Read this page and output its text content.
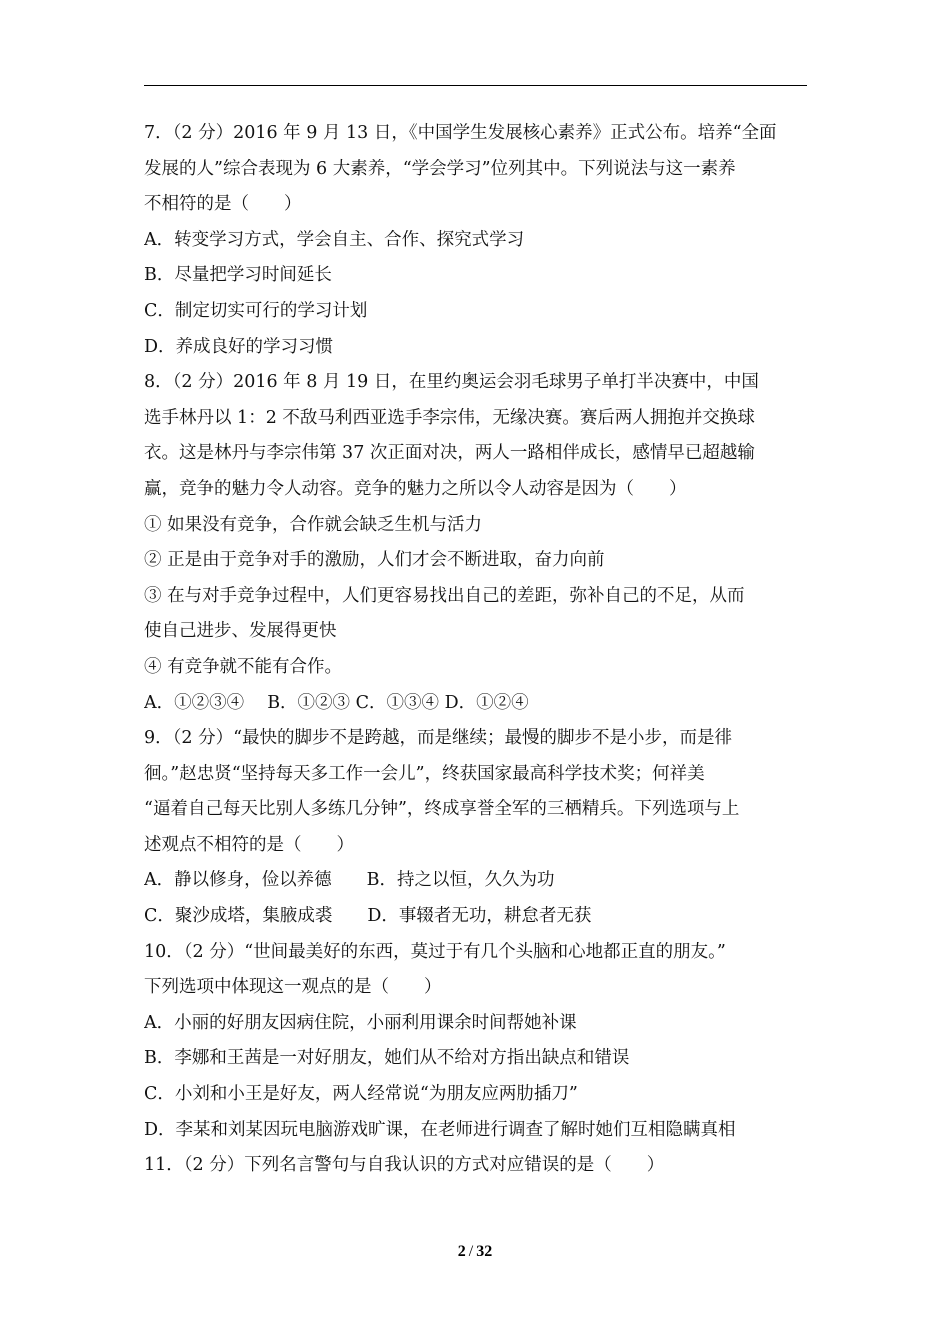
7．（2 分）2016 年 9 月 13 日，《中国学生发展核心素养》正式公布。培养“全面
发展的人”综合表现为 6 大素养，“学会学习”位列其中。下列说法与这一素养
不相符的是（　　）
A．转变学习方式，学会自主、合作、探究式学习
B．尽量把学习时间延长
C．制定切实可行的学习计划
D．养成良好的学习习惯
8．（2 分）2016 年 8 月 19 日，在里约奥运会羽毛球男子单打半决赛中，中国
选手林丹以 1：2 不敌马利西亚选手李宗伟，无缘决赛。赛后两人拥抱并交换球
衣。这是林丹与李宗伟第 37 次正面对决，两人一路相伴成长，感情早已超越输
赢，竞争的魅力令人动容。竞争的魅力之所以令人动容是因为（　　）
① 如果没有竞争，合作就会缺乏生机与活力
② 正是由于竞争对手的激励，人们才会不断进取，奋力向前
③ 在与对手竞争过程中，人们更容易找出自己的差距，弥补自己的不足，从而
使自己进步、发展得更快
④ 有竞争就不能有合作。
A．①②③④　 B．①②③ C．①③④ D．①②④
9．（2 分）“最快的脚步不是跨越，而是继续；最慢的脚步不是小步，而是徘
徊。”赵忠贤“坚持每天多工作一会儿”，终获国家最高科学技术奖；何祥美
“逼着自己每天比别人多练几分钟”，终成享誉全军的三栖精兵。下列选项与上
述观点不相符的是（　　）
A．静以修身，俭以养德　　B．持之以恒，久久为功
C．聚沙成塔，集腋成裘　　D．事辍者无功，耕怠者无获
10．（2 分）“世间最美好的东西，莫过于有几个头脑和心地都正直的朋友。”
下列选项中体现这一观点的是（　　）
A．小丽的好朋友因病住院，小丽利用课余时间帮她补课
B．李娜和王茜是一对好朋友，她们从不给对方指出缺点和错误
C．小刘和小王是好友，两人经常说“为朋友应两肋插刀”
D．李某和刘某因玩电脑游戏旷课，在老师进行调查了解时她们互相隐瞒真相
11．（2 分）下列名言警句与自我认识的方式对应错误的是（　　）
2 / 32
